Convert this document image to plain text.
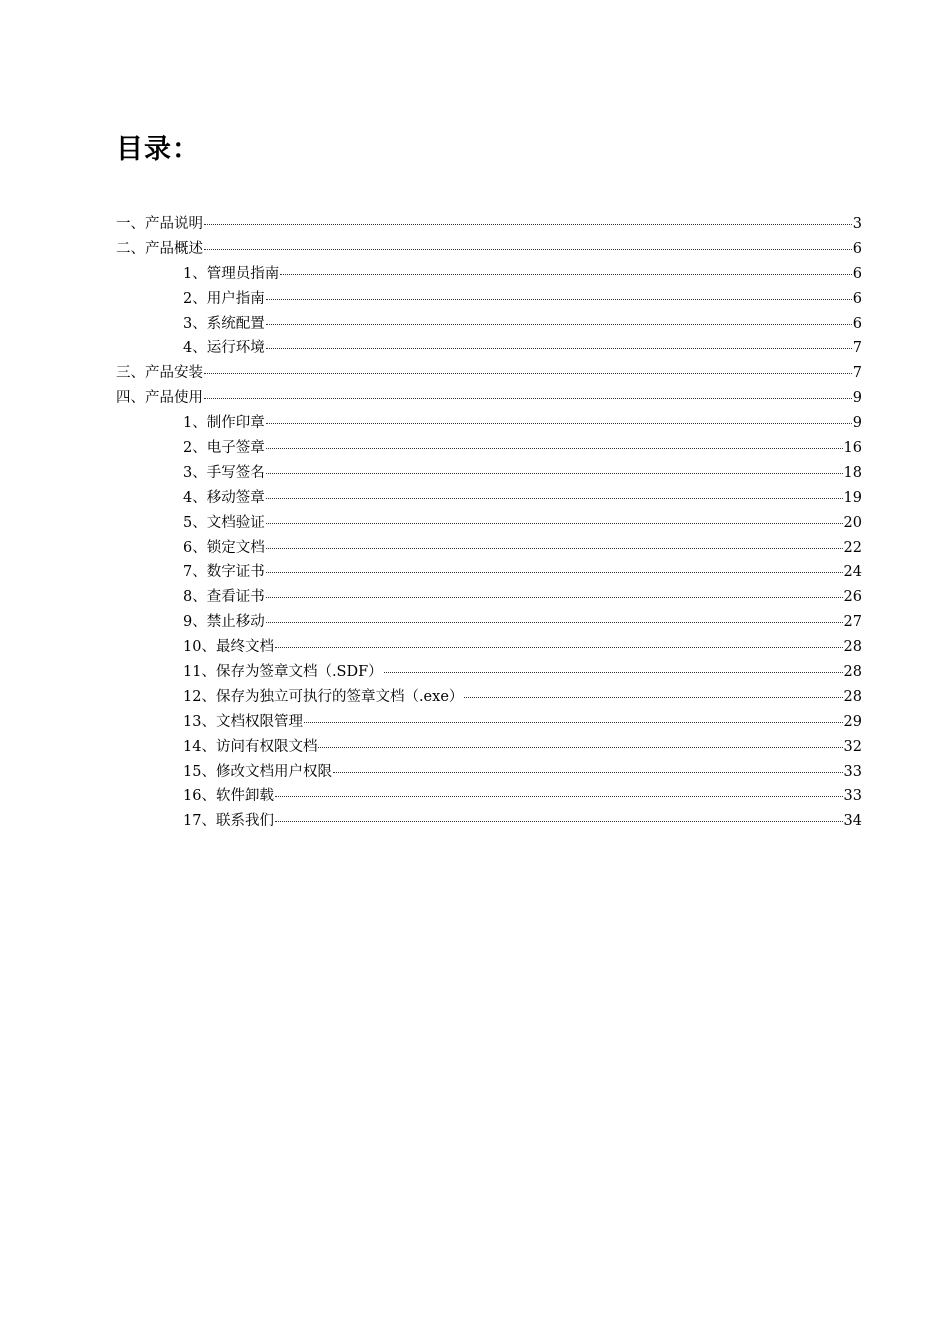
目录：
一、产品说明	3
二、产品概述	6
1、管理员指南	6
2、用户指南	6
3、系统配置	6
4、运行环境	7
三、产品安装	7
四、产品使用	9
1、制作印章	9
2、电子签章	16
3、手写签名	18
4、移动签章	19
5、文档验证	20
6、锁定文档	22
7、数字证书	24
8、查看证书	26
9、禁止移动	27
10、最终文档	28
11、保存为签章文档（.SDF）	28
12、保存为独立可执行的签章文档（.exe）	28
13、文档权限管理	29
14、访问有权限文档	32
15、修改文档用户权限	33
16、软件卸载	33
17、联系我们	34
